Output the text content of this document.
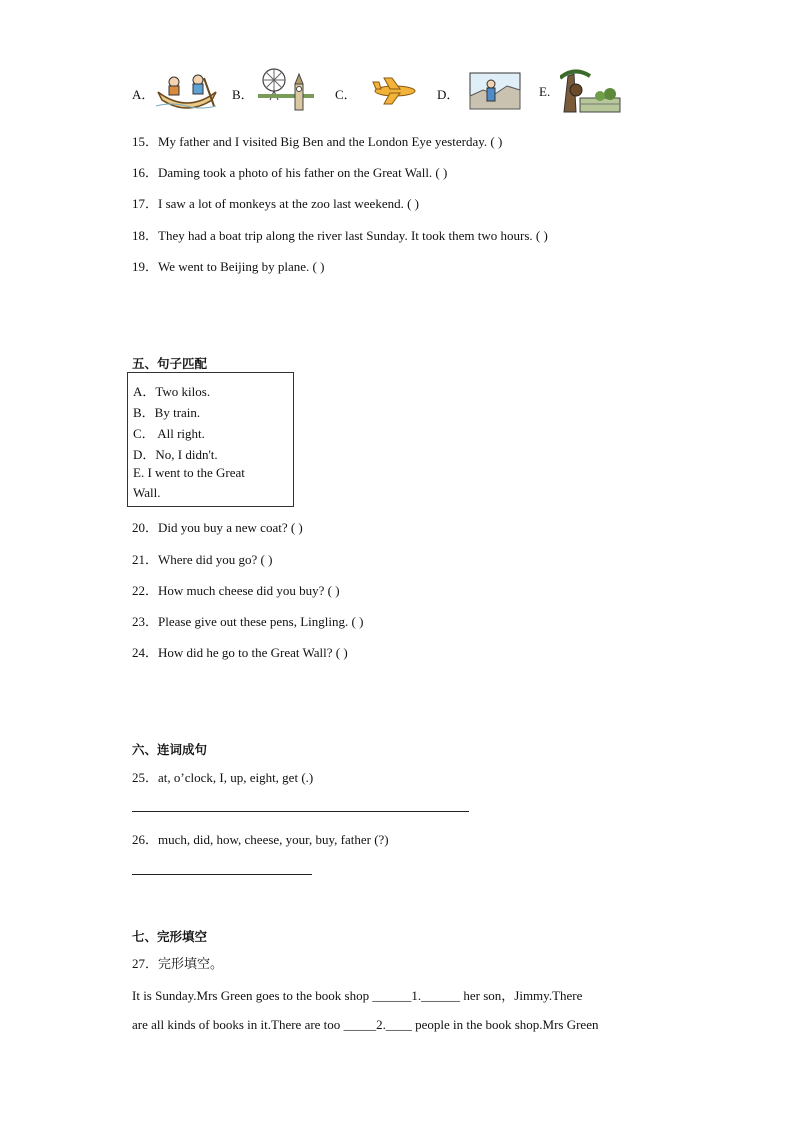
A．	B．	C．	D．	E.
15．My father and I visited Big Ben and the London Eye yesterday. ( )
16．Daming took a photo of his father on the Great Wall. ( )
17．I saw a lot of monkeys at the zoo last weekend. ( )
18．They had a boat trip along the river last Sunday. It took them two hours. ( )
19．We went to Beijing by plane. ( )
五、句子匹配
A．Two kilos.
B．By train.
C． All right.
D．No, I didn't.
E. I went to the Great
Wall.
20．Did you buy a new coat? ( )
21．Where did you go? ( )
22．How much cheese did you buy? ( )
23．Please give out these pens, Lingling. ( )
24．How did he go to the Great Wall? ( )
六、连词成句
25．at, o’clock, I, up, eight, get (.)
26．much, did, how, cheese, your, buy, father (?)
七、完形填空
27．完形填空。
It is Sunday.Mrs Green goes to the book shop ______1.______ her son，Jimmy.There
are all kinds of books in it.There are too _____2.____ people in the book shop.Mrs Green
